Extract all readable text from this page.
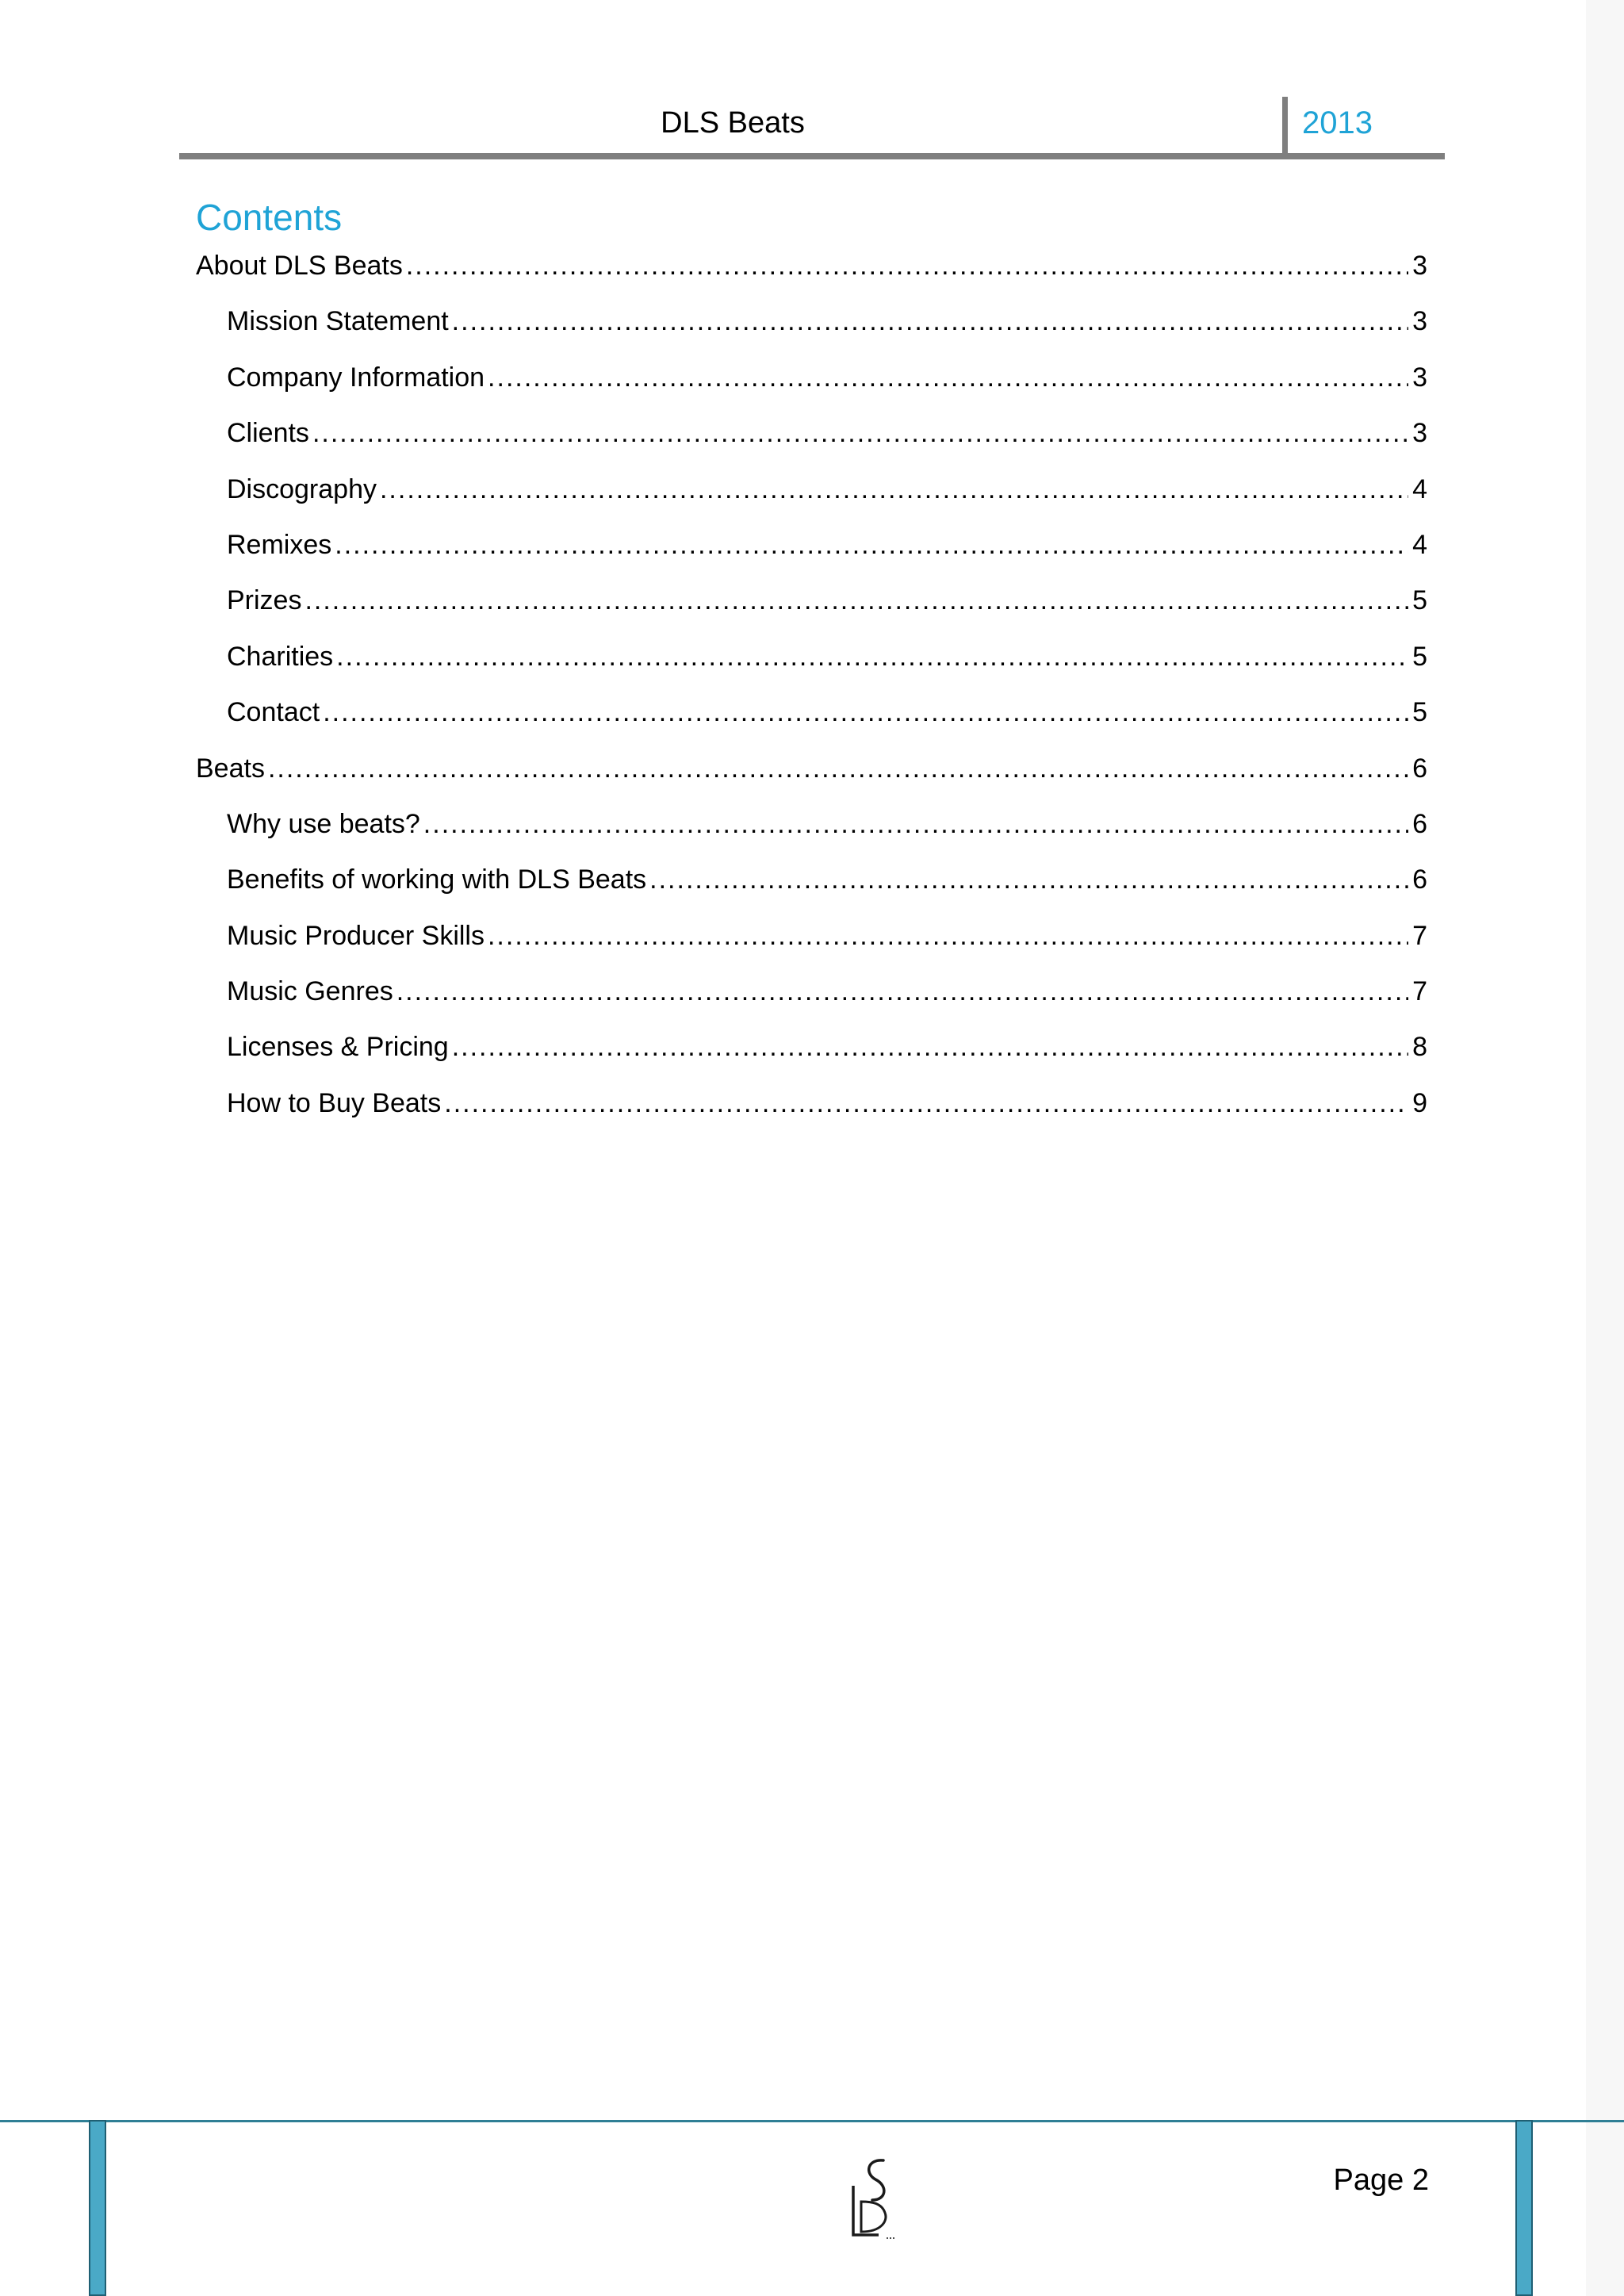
DLS Beats	2013
Contents
About DLS Beats .....	3
Mission Statement .....	3
Company Information .....	3
Clients .....	3
Discography .....	4
Remixes .....	4
Prizes .....	5
Charities .....	5
Contact .....	5
Beats .....	6
Why use beats? .....	6
Benefits of working with DLS Beats .....	6
Music Producer Skills .....	7
Music Genres .....	7
Licenses & Pricing .....	8
How to Buy Beats .....	9
Page 2
